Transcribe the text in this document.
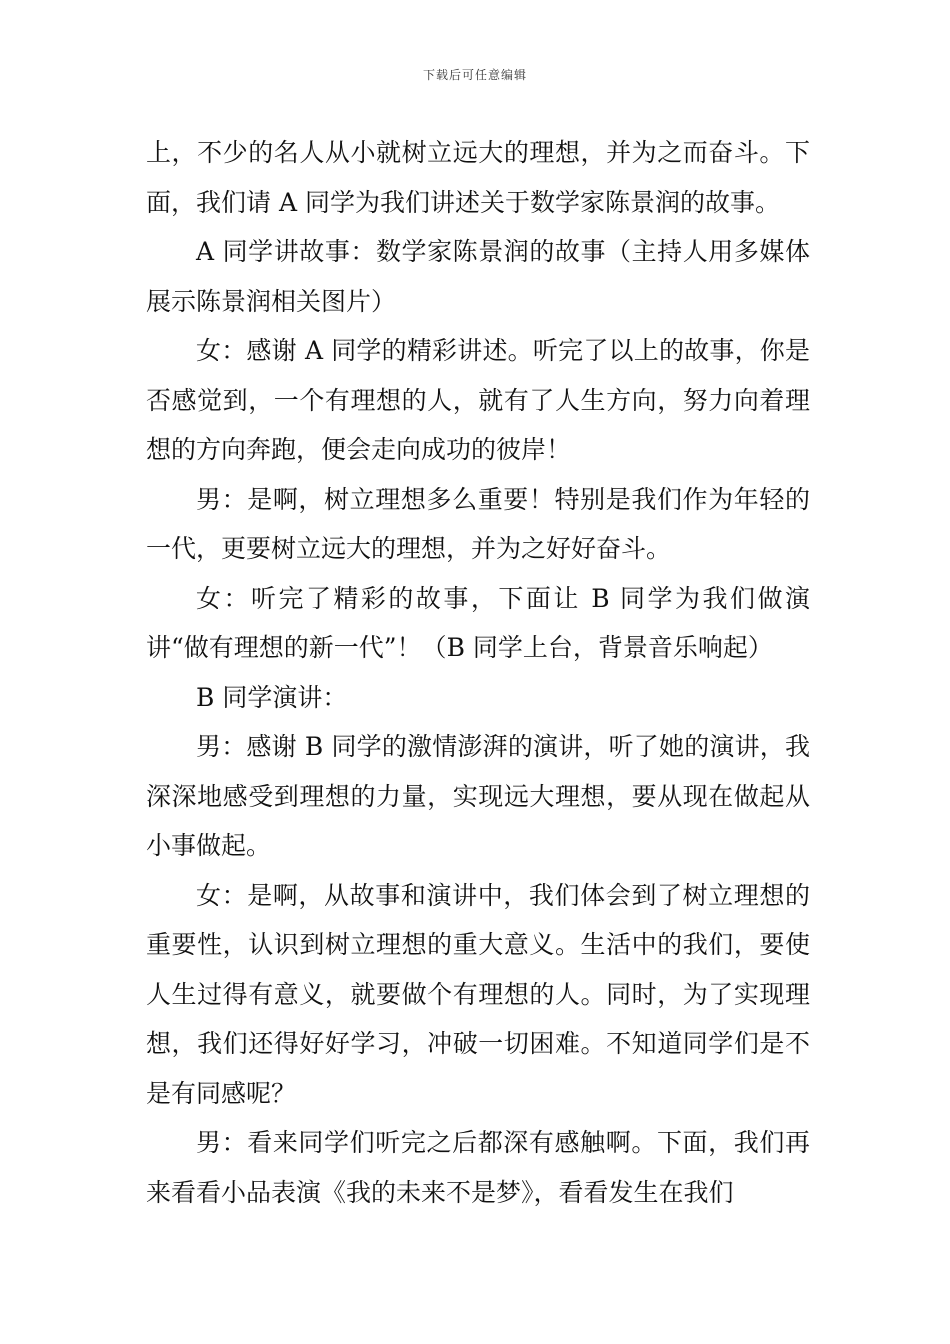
下载后可任意编辑

上，不少的名人从小就树立远大的理想，并为之而奋斗。下面，我们请 A 同学为我们讲述关于数学家陈景润的故事。

A 同学讲故事：数学家陈景润的故事（主持人用多媒体展示陈景润相关图片）

女：感谢 A 同学的精彩讲述。听完了以上的故事，你是否感觉到，一个有理想的人，就有了人生方向，努力向着理想的方向奔跑，便会走向成功的彼岸！

男：是啊，树立理想多么重要！特别是我们作为年轻的一代，更要树立远大的理想，并为之好好奋斗。

女：听完了精彩的故事，下面让 B 同学为我们做演讲“做有理想的新一代”！（B 同学上台，背景音乐响起）

B 同学演讲：

男：感谢 B 同学的激情澎湃的演讲，听了她的演讲，我深深地感受到理想的力量，实现远大理想，要从现在做起从小事做起。

女：是啊，从故事和演讲中，我们体会到了树立理想的重要性，认识到树立理想的重大意义。生活中的我们，要使人生过得有意义，就要做个有理想的人。同时，为了实现理想，我们还得好好学习，冲破一切困难。不知道同学们是不是有同感呢？

男：看来同学们听完之后都深有感触啊。下面，我们再来看看小品表演《我的未来不是梦》，看看发生在我们
